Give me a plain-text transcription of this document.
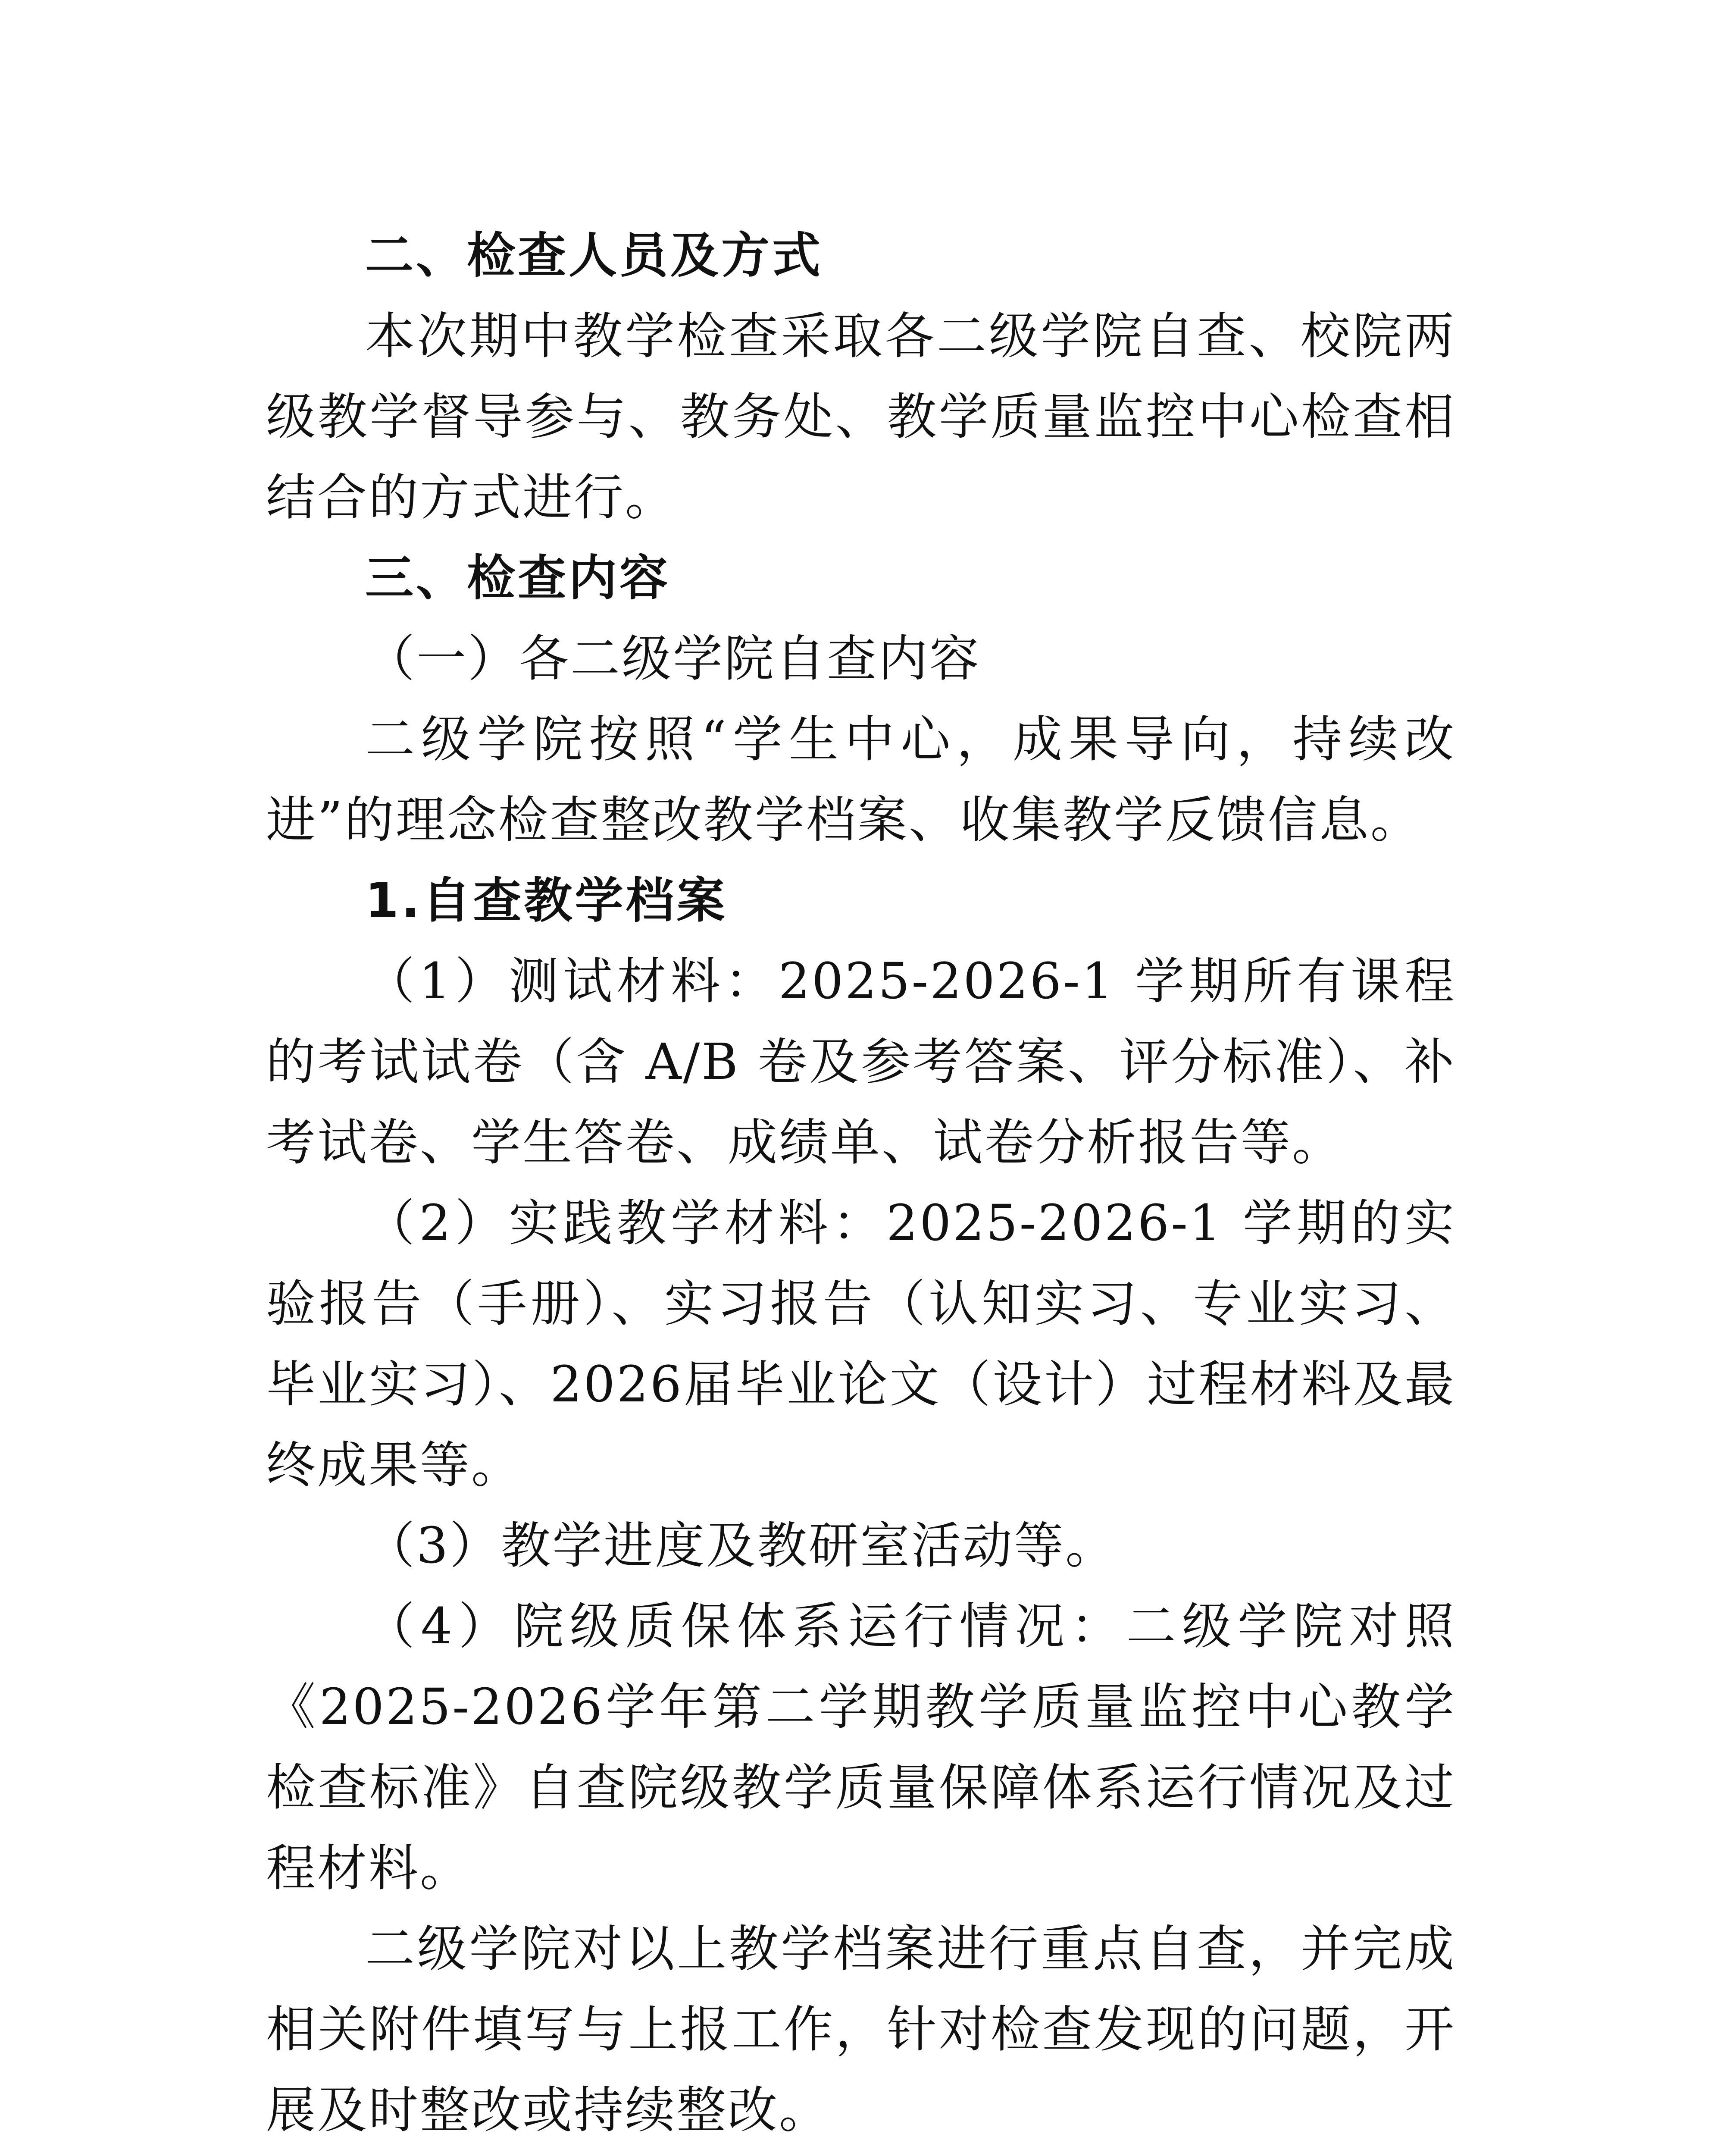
二、检查人员及方式

本次期中教学检查采取各二级学院自查、校院两级教学督导参与、教务处、教学质量监控中心检查相结合的方式进行。

三、检查内容

（一）各二级学院自查内容

二级学院按照“学生中心，成果导向，持续改进”的理念检查整改教学档案、收集教学反馈信息。

1.自查教学档案

（1）测试材料：2025-2026-1 学期所有课程的考试试卷（含 A/B 卷及参考答案、评分标准）、补考试卷、学生答卷、成绩单、试卷分析报告等。

（2）实践教学材料：2025-2026-1 学期的实验报告（手册）、实习报告（认知实习、专业实习、毕业实习）、2026届毕业论文（设计）过程材料及最终成果等。

（3）教学进度及教研室活动等。

（4）院级质保体系运行情况：二级学院对照《2025-2026学年第二学期教学质量监控中心教学检查标准》自查院级教学质量保障体系运行情况及过程材料。

二级学院对以上教学档案进行重点自查，并完成相关附件填写与上报工作，针对检查发现的问题，开展及时整改或持续整改。
